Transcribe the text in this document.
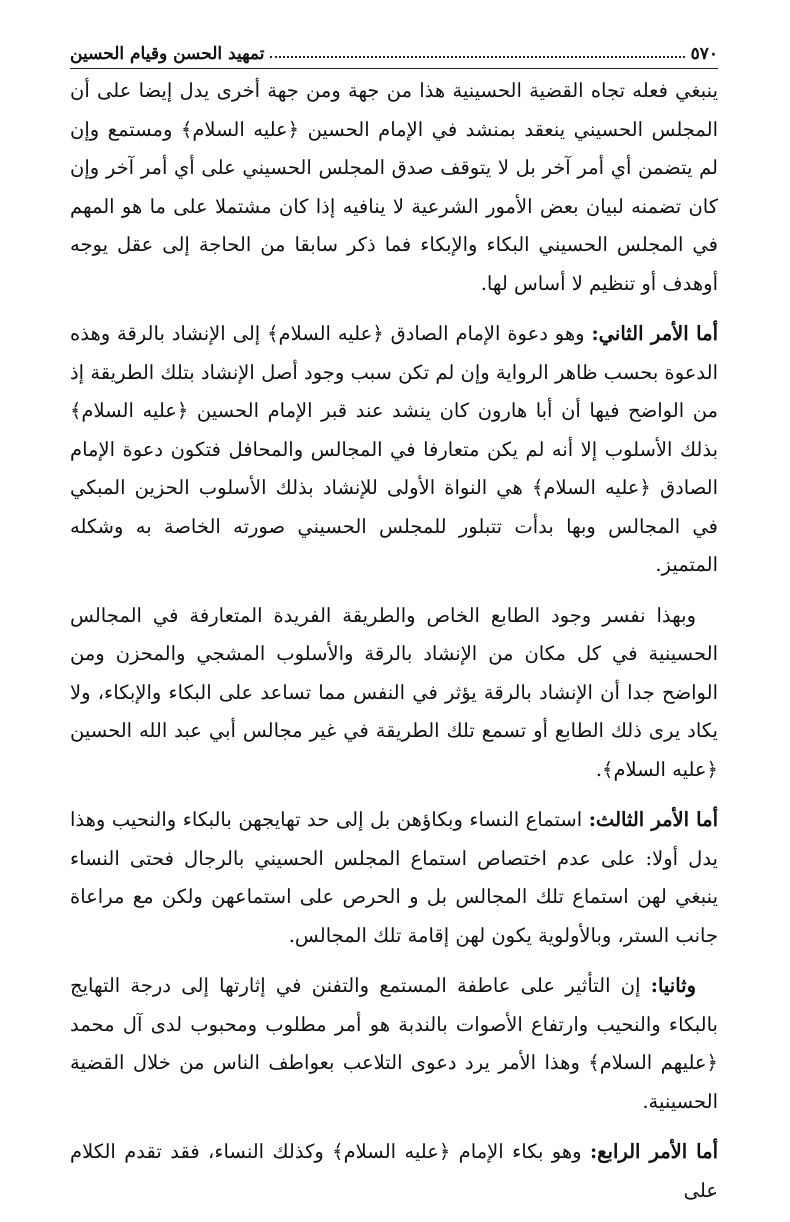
٥٧٠
تمهيد الحسن وقيام الحسين

ينبغي فعله تجاه القضية الحسينية هذا من جهة ومن جهة أخرى يدل إيضا على أن المجلس الحسيني ينعقد بمنشد في الإمام الحسين ﴿عليه السلام﴾ ومستمع وإن لم يتضمن أي أمر آخر بل لا يتوقف صدق المجلس الحسيني على أي أمر آخر وإن كان تضمنه لبيان بعض الأمور الشرعية لا ينافيه إذا كان مشتملا على ما هو المهم في المجلس الحسيني البكاء والإبكاء فما ذكر سابقا من الحاجة إلى عقل يوجه أوهدف أو تنظيم لا أساس لها.

أما الأمر الثاني: وهو دعوة الإمام الصادق ﴿عليه السلام﴾ إلى الإنشاد بالرقة وهذه الدعوة بحسب ظاهر الرواية وإن لم تكن سبب وجود أصل الإنشاد بتلك الطريقة إذ من الواضح فيها أن أبا هارون كان ينشد عند قبر الإمام الحسين ﴿عليه السلام﴾ بذلك الأسلوب إلا أنه لم يكن متعارفا في المجالس والمحافل فتكون دعوة الإمام الصادق ﴿عليه السلام﴾ هي النواة الأولى للإنشاد بذلك الأسلوب الحزين المبكي في المجالس وبها بدأت تتبلور للمجلس الحسيني صورته الخاصة به وشكله المتميز.

وبهذا نفسر وجود الطابع الخاص والطريقة الفريدة المتعارفة في المجالس الحسينية في كل مكان من الإنشاد بالرقة والأسلوب المشجي والمحزن ومن الواضح جدا أن الإنشاد بالرقة يؤثر في النفس مما تساعد على البكاء والإبكاء، ولا يكاد يرى ذلك الطابع أو تسمع تلك الطريقة في غير مجالس أبي عبد الله الحسين ﴿عليه السلام﴾.

أما الأمر الثالث: استماع النساء وبكاؤهن بل إلى حد تهايجهن بالبكاء والنحيب وهذا يدل أولا: على عدم اختصاص استماع المجلس الحسيني بالرجال فحتى النساء ينبغي لهن استماع تلك المجالس بل و الحرص على استماعهن ولكن مع مراعاة جانب الستر، وبالأولوية يكون لهن إقامة تلك المجالس.

وثانيا: إن التأثير على عاطفة المستمع والتفنن في إثارتها إلى درجة التهايج بالبكاء والنحيب وارتفاع الأصوات بالندبة هو أمر مطلوب ومحبوب لدى آل محمد ﴿عليهم السلام﴾ وهذا الأمر يرد دعوى التلاعب بعواطف الناس من خلال القضية الحسينية.

أما الأمر الرابع: وهو بكاء الإمام ﴿عليه السلام﴾ وكذلك النساء، فقد تقدم الكلام على
